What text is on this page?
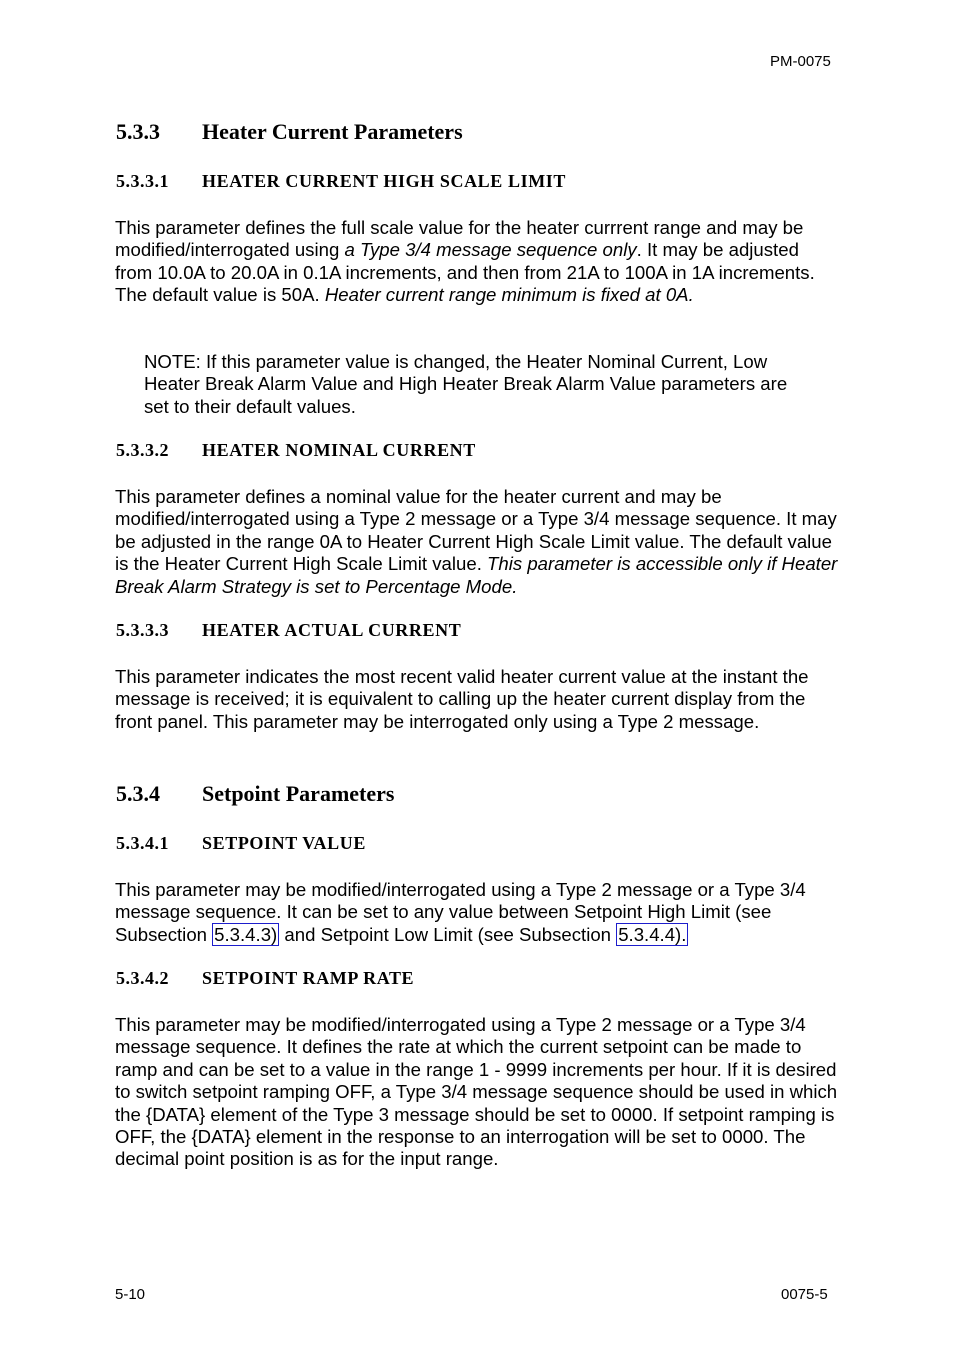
PM-0075
5.3.3 Heater Current Parameters
5.3.3.1 HEATER CURRENT HIGH SCALE LIMIT
This parameter defines the full scale value for the heater currrent range and may be modified/interrogated using a Type 3/4 message sequence only. It may be adjusted from 10.0A to 20.0A in 0.1A increments, and then from 21A to 100A in 1A increments. The default value is 50A. Heater current range minimum is fixed at 0A.
NOTE: If this parameter value is changed, the Heater Nominal Current, Low Heater Break Alarm Value and High Heater Break Alarm Value parameters are set to their default values.
5.3.3.2 HEATER NOMINAL CURRENT
This parameter defines a nominal value for the heater current and may be modified/interrogated using a Type 2 message or a Type 3/4 message sequence. It may be adjusted in the range 0A to Heater Current High Scale Limit value. The default value is the Heater Current High Scale Limit value. This parameter is accessible only if Heater Break Alarm Strategy is set to Percentage Mode.
5.3.3.3 HEATER ACTUAL CURRENT
This parameter indicates the most recent valid heater current value at the instant the message is received; it is equivalent to calling up the heater current display from the front panel. This parameter may be interrogated only using a Type 2 message.
5.3.4 Setpoint Parameters
5.3.4.1 SETPOINT VALUE
This parameter may be modified/interrogated using a Type 2 message or a Type 3/4 message sequence. It can be set to any value between Setpoint High Limit (see Subsection 5.3.4.3) and Setpoint Low Limit (see Subsection 5.3.4.4).
5.3.4.2 SETPOINT RAMP RATE
This parameter may be modified/interrogated using a Type 2 message or a Type 3/4 message sequence. It defines the rate at which the current setpoint can be made to ramp and can be set to a value in the range 1 - 9999 increments per hour. If it is desired to switch setpoint ramping OFF, a Type 3/4 message sequence should be used in which the {DATA} element of the Type 3 message should be set to 0000. If setpoint ramping is OFF, the {DATA} element in the response to an interrogation will be set to 0000. The decimal point position is as for the input range.
5-10	0075-5
